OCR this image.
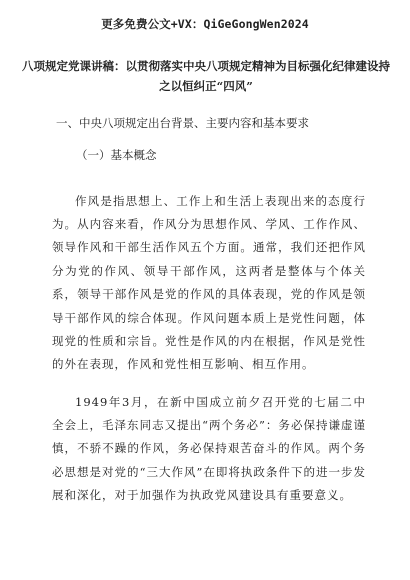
更多免费公文+VX：QiGeGongWen2024
八项规定党课讲稿：以贯彻落实中央八项规定精神为目标强化纪律建设持之以恒纠正“四风”
一、中央八项规定出台背景、主要内容和基本要求
（一）基本概念

作风是指思想上、工作上和生活上表现出来的态度行为。从内容来看，作风分为思想作风、学风、工作作风、领导作风和干部生活作风五个方面。通常，我们还把作风分为党的作风、领导干部作风，这两者是整体与个体关系，领导干部作风是党的作风的具体表现，党的作风是领导干部作风的综合体现。作风问题本质上是党性问题，体现党的性质和宗旨。党性是作风的内在根据，作风是党性的外在表现，作风和党性相互影响、相互作用。

1949年3月，在新中国成立前夕召开党的七届二中全会上，毛泽东同志又提出“两个务必”：务必保持谦虚谨慎，不骄不躁的作风，务必保持艰苦奋斗的作风。两个务必思想是对党的“三大作风”在即将执政条件下的进一步发展和深化，对于加强作为执政党风建设具有重要意义。
